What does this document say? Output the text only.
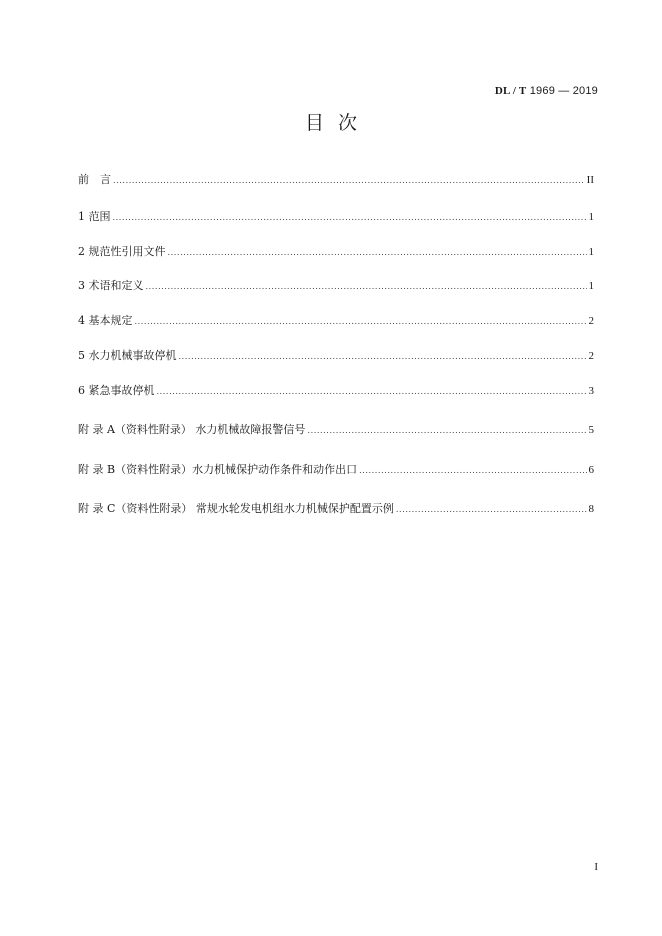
DL / T 1969 — 2019
目次
前　言 .....	II
1 范围 .....	1
2 规范性引用文件 .....	1
3 术语和定义 .....	1
4 基本规定 .....	2
5 水力机械事故停机 .....	2
6 紧急事故停机 .....	3
附 录 A（资料性附录） 水力机械故障报警信号 .....	5
附 录 B（资料性附录）水力机械保护动作条件和动作出口 .....	6
附 录 C（资料性附录） 常规水轮发电机组水力机械保护配置示例 .....	8
I
